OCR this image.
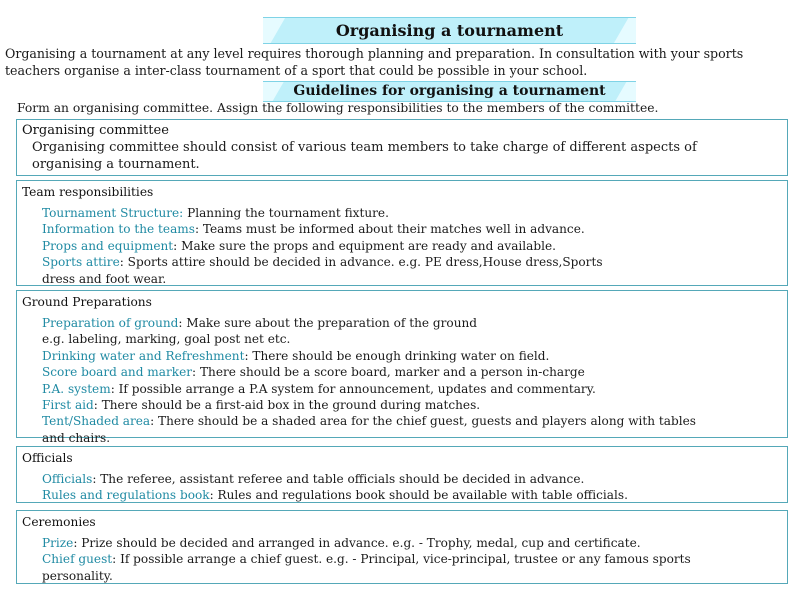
Organising a tournament
Organising a tournament at any level requires thorough planning and preparation. In consultation with your sports
teachers organise a inter-class tournament of a sport that could be possible in your school.
Guidelines for organising a tournament
Form an organising committee. Assign the following responsibilities to the members of the committee.
Organising committee
Organising committee should consist of various team members to take charge of different aspects of
organising a tournament.
Team responsibilities
Tournament Structure: Planning the tournament fixture.
Information to the teams: Teams must be informed about their matches well in advance.
Props and equipment: Make sure the props and equipment are ready and available.
Sports attire: Sports attire should be decided in advance. e.g. PE dress,House dress,Sports
dress and foot wear.
Ground Preparations
Preparation of ground: Make sure about the preparation of the ground
e.g. labeling, marking, goal post net etc.
Drinking water and Refreshment: There should be enough drinking water on field.
Score board and marker: There should be a score board, marker and a person in-charge
P.A. system: If possible arrange a P.A system for announcement, updates and commentary.
First aid: There should be a first-aid box in the ground during matches.
Tent/Shaded area: There should be a shaded area for the chief guest, guests and players along with tables
and chairs.
Officials
Officials: The referee, assistant referee and table officials should be decided in advance.
Rules and regulations book: Rules and regulations book should be available with table officials.
Ceremonies
Prize: Prize should be decided and arranged in advance. e.g. - Trophy, medal, cup and certificate.
Chief guest: If possible arrange a chief guest. e.g. - Principal, vice-principal, trustee or any famous sports
personality.
